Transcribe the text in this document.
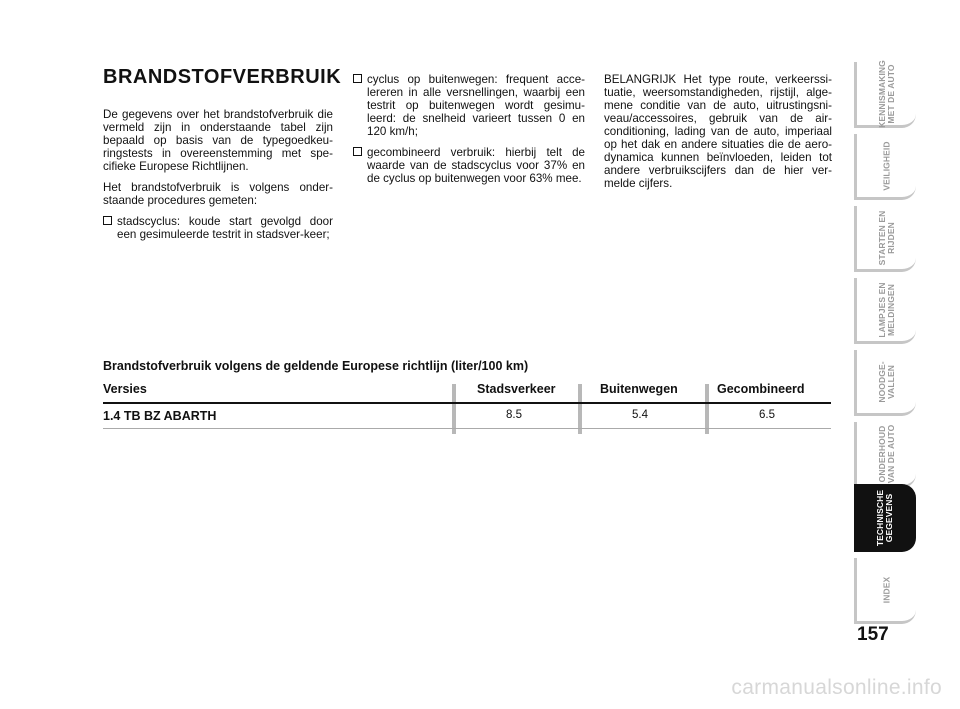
BRANDSTOFVERBRUIK

De gegevens over het brandstofverbruik die vermeld zijn in onderstaande tabel zijn bepaald op basis van de typegoedkeu-ringstests in overeenstemming met spe-cifieke Europese Richtlijnen.

Het brandstofverbruik is volgens onder-staande procedures gemeten:

stadscyclus: koude start gevolgd door een gesimuleerde testrit in stadsver-keer;
cyclus op buitenwegen: frequent acce-lereren in alle versnellingen, waarbij een testrit op buitenwegen wordt gesimu-leerd: de snelheid varieert tussen 0 en 120 km/h;
gecombineerd verbruik: hierbij telt de waarde van de stadscyclus voor 37% en de cyclus op buitenwegen voor 63% mee.

BELANGRIJK Het type route, verkeerssi-tuatie, weersomstandigheden, rijstijl, alge-mene conditie van de auto, uitrustingsni-veau/accessoires, gebruik van de air-conditioning, lading van de auto, imperiaal op het dak en andere situaties die de aero-dynamica kunnen beïnvloeden, leiden tot andere verbruikscijfers dan de hier ver-melde cijfers.

Brandstofverbruik volgens de geldende Europese richtlijn (liter/100 km)

Versies	Stadsverkeer	Buitenwegen	Gecombineerd
1.4 TB BZ ABARTH	8.5	5.4	6.5
KENNISMAKING
MET DE AUTO
VEILIGHEID
STARTEN EN
RIJDEN
LAMPJES EN
MELDINGEN
NOODGE-
VALLEN
ONDERHOUD
VAN DE AUTO
TECHNISCHE
GEGEVENS
INDEX
157
carmanualsonline.info
